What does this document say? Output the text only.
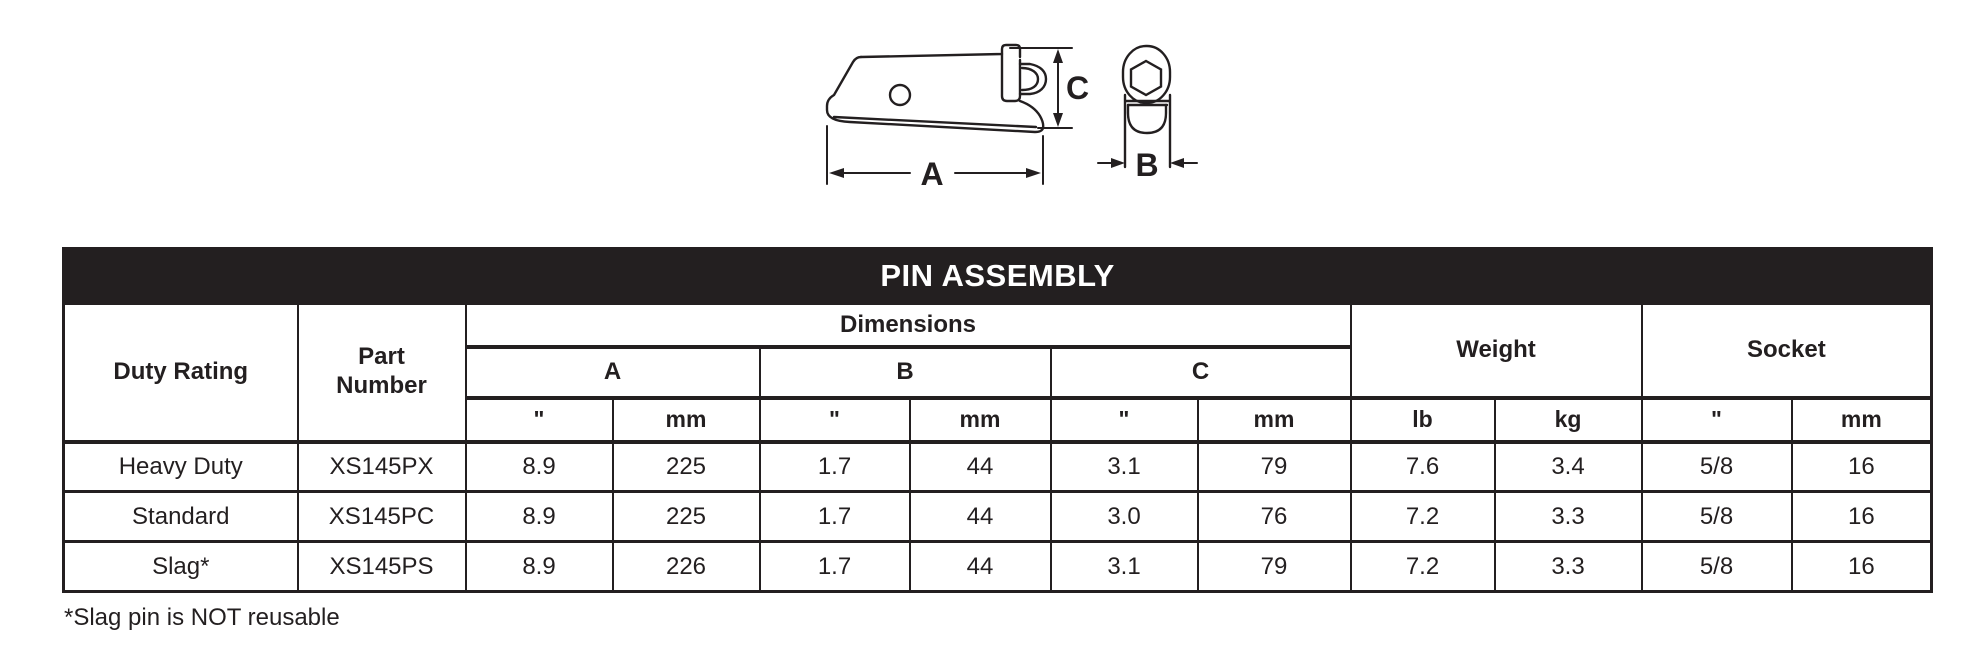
C
A	B
PIN ASSEMBLY											
Duty Rating	Part Number	Dimensions						Weight		Socket	
		A		B		C					
		"	mm	"	mm	"	mm	lb	kg	"	mm
Heavy Duty	XS145PX	8.9	225	1.7	44	3.1	79	7.6	3.4	5/8	16
Standard	XS145PC	8.9	225	1.7	44	3.0	76	7.2	3.3	5/8	16
Slag*	XS145PS	8.9	226	1.7	44	3.1	79	7.2	3.3	5/8	16
*Slag pin is NOT reusable
